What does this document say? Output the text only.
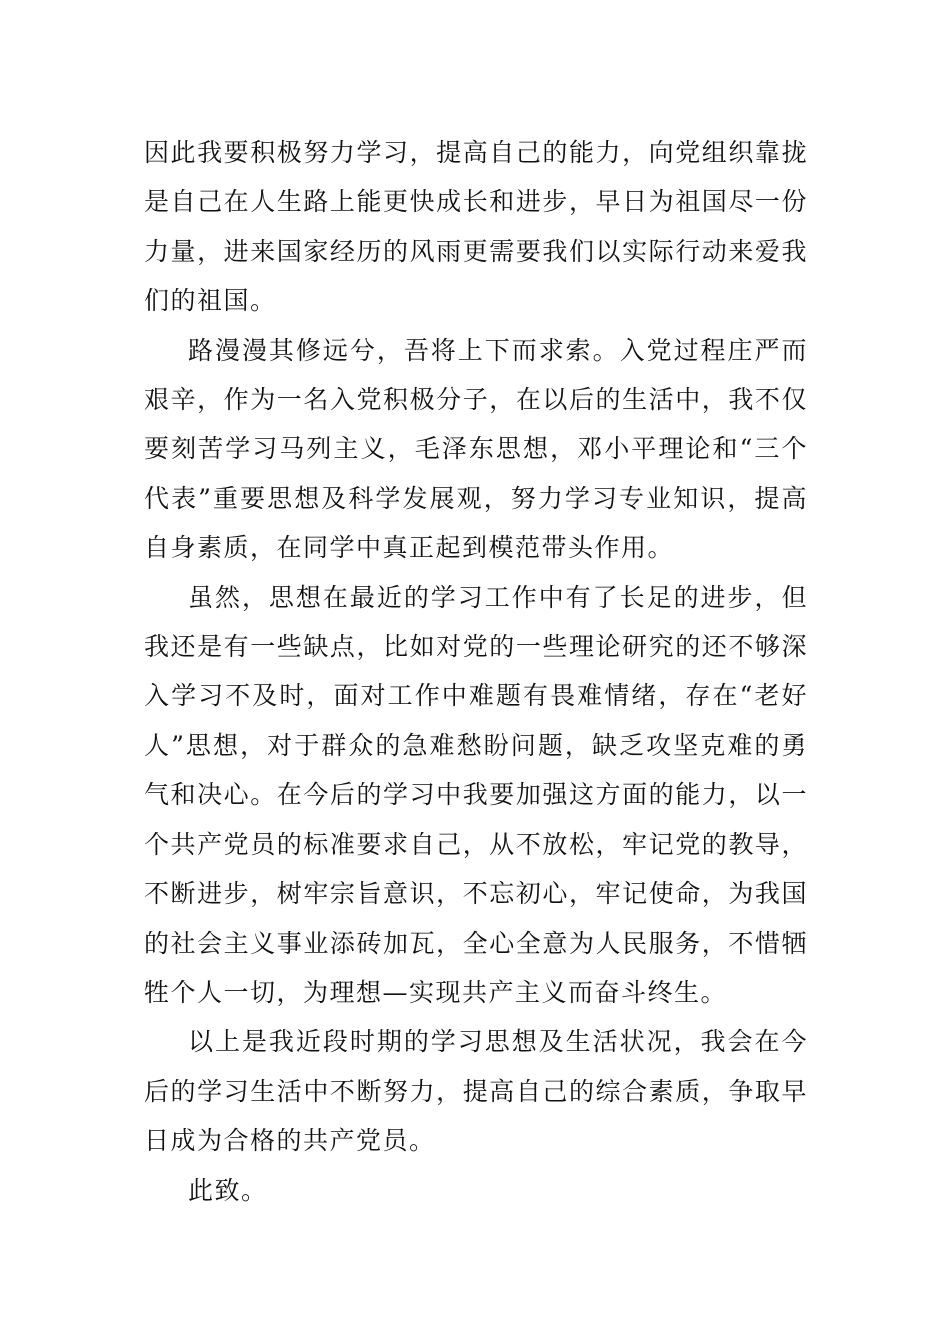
因此我要积极努力学习，提高自己的能力，向党组织靠拢是自己在人生路上能更快成长和进步，早日为祖国尽一份力量，进来国家经历的风雨更需要我们以实际行动来爱我们的祖国。

路漫漫其修远兮，吾将上下而求索。入党过程庄严而艰辛，作为一名入党积极分子，在以后的生活中，我不仅要刻苦学习马列主义，毛泽东思想，邓小平理论和“三个代表”重要思想及科学发展观，努力学习专业知识，提高自身素质，在同学中真正起到模范带头作用。

虽然，思想在最近的学习工作中有了长足的进步，但我还是有一些缺点，比如对党的一些理论研究的还不够深入学习不及时，面对工作中难题有畏难情绪，存在“老好人”思想，对于群众的急难愁盼问题，缺乏攻坚克难的勇气和决心。在今后的学习中我要加强这方面的能力，以一个共产党员的标准要求自己，从不放松，牢记党的教导，不断进步，树牢宗旨意识，不忘初心，牢记使命，为我国的社会主义事业添砖加瓦，全心全意为人民服务，不惜牺牲个人一切，为理想—实现共产主义而奋斗终生。

以上是我近段时期的学习思想及生活状况，我会在今后的学习生活中不断努力，提高自己的综合素质，争取早日成为合格的共产党员。

此致。
